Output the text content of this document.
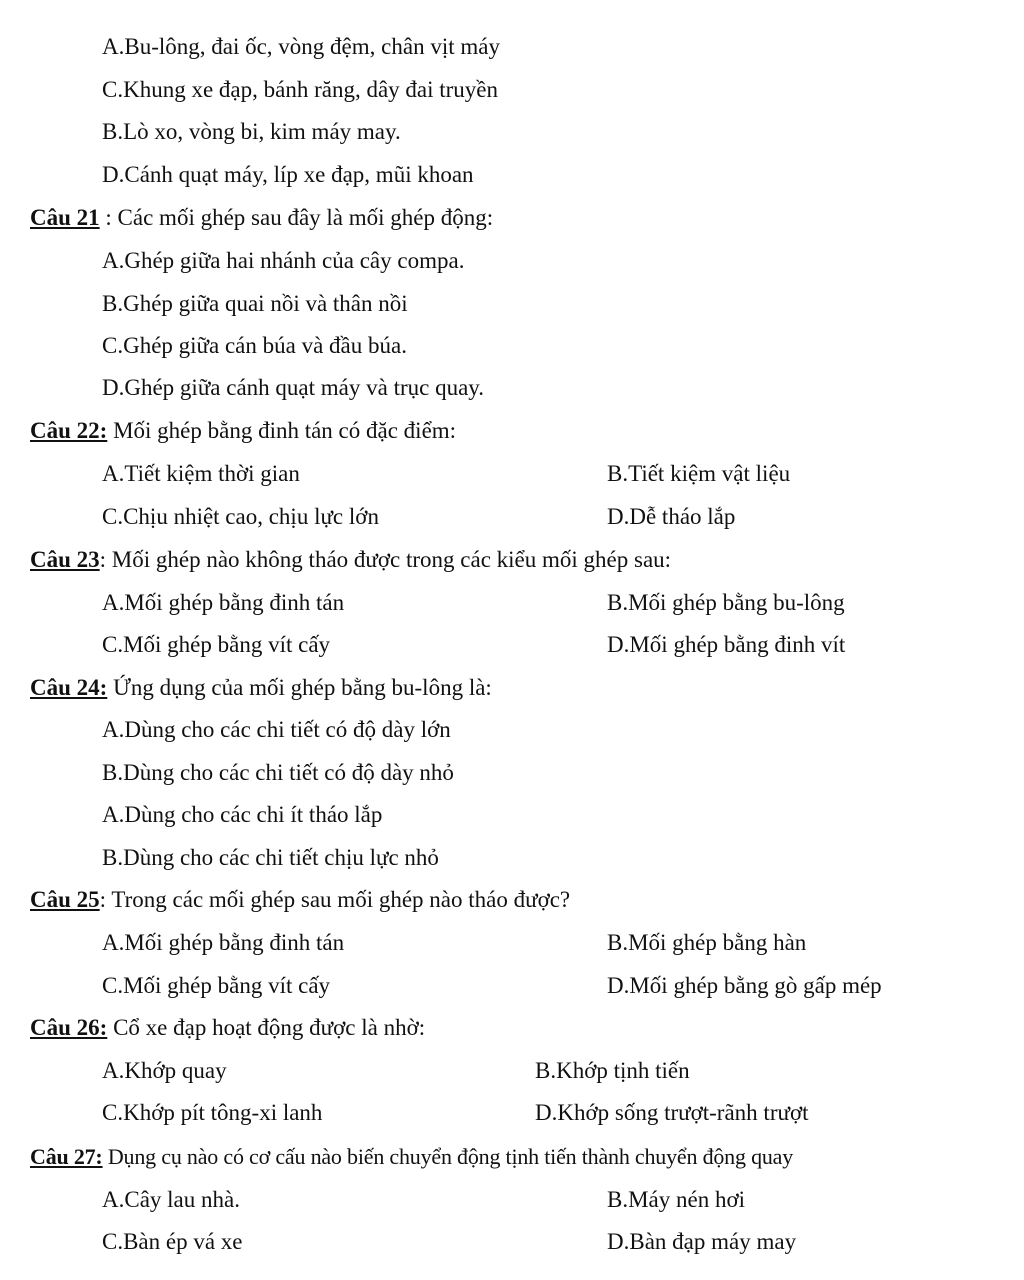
A.Bu-lông, đai ốc, vòng đệm, chân vịt máy
C.Khung xe đạp, bánh răng, dây đai truyền
B.Lò xo, vòng bi, kim máy may.
D.Cánh quạt máy, líp xe đạp, mũi khoan
Câu 21 : Các mối ghép sau đây là mối ghép động:
A.Ghép giữa hai nhánh của cây compa.
B.Ghép giữa quai nồi và thân nồi
C.Ghép giữa cán búa và đầu búa.
D.Ghép giữa cánh quạt máy và trục quay.
Câu 22: Mối ghép bằng đinh tán có đặc điểm:
A.Tiết kiệm thời gian	B.Tiết kiệm vật liệu
C.Chịu nhiệt cao, chịu lực lớn	D.Dễ tháo lắp
Câu 23: Mối ghép nào không tháo được trong các kiểu mối ghép sau:
A.Mối ghép bằng đinh tán	B.Mối ghép bằng bu-lông
C.Mối ghép bằng vít cấy	D.Mối ghép bằng đinh vít
Câu 24: Ứng dụng của mối ghép bằng bu-lông là:
A.Dùng cho các chi tiết có độ dày lớn
B.Dùng cho các chi tiết có độ dày nhỏ
A.Dùng cho các chi ít tháo lắp
B.Dùng cho các chi tiết chịu lực nhỏ
Câu 25: Trong các mối ghép sau mối ghép nào tháo được?
A.Mối ghép bằng đinh tán	B.Mối ghép bằng hàn
C.Mối ghép bằng vít cấy	D.Mối ghép bằng gò gấp mép
Câu 26: Cổ xe đạp hoạt động được là nhờ:
A.Khớp quay	B.Khớp tịnh tiến
C.Khớp pít tông-xi lanh	D.Khớp sống trượt-rãnh trượt
Câu 27: Dụng cụ nào có cơ cấu nào biến chuyển động tịnh tiến thành chuyển động quay
A.Cây lau nhà.	B.Máy nén hơi
C.Bàn ép vá xe	D.Bàn đạp máy may
